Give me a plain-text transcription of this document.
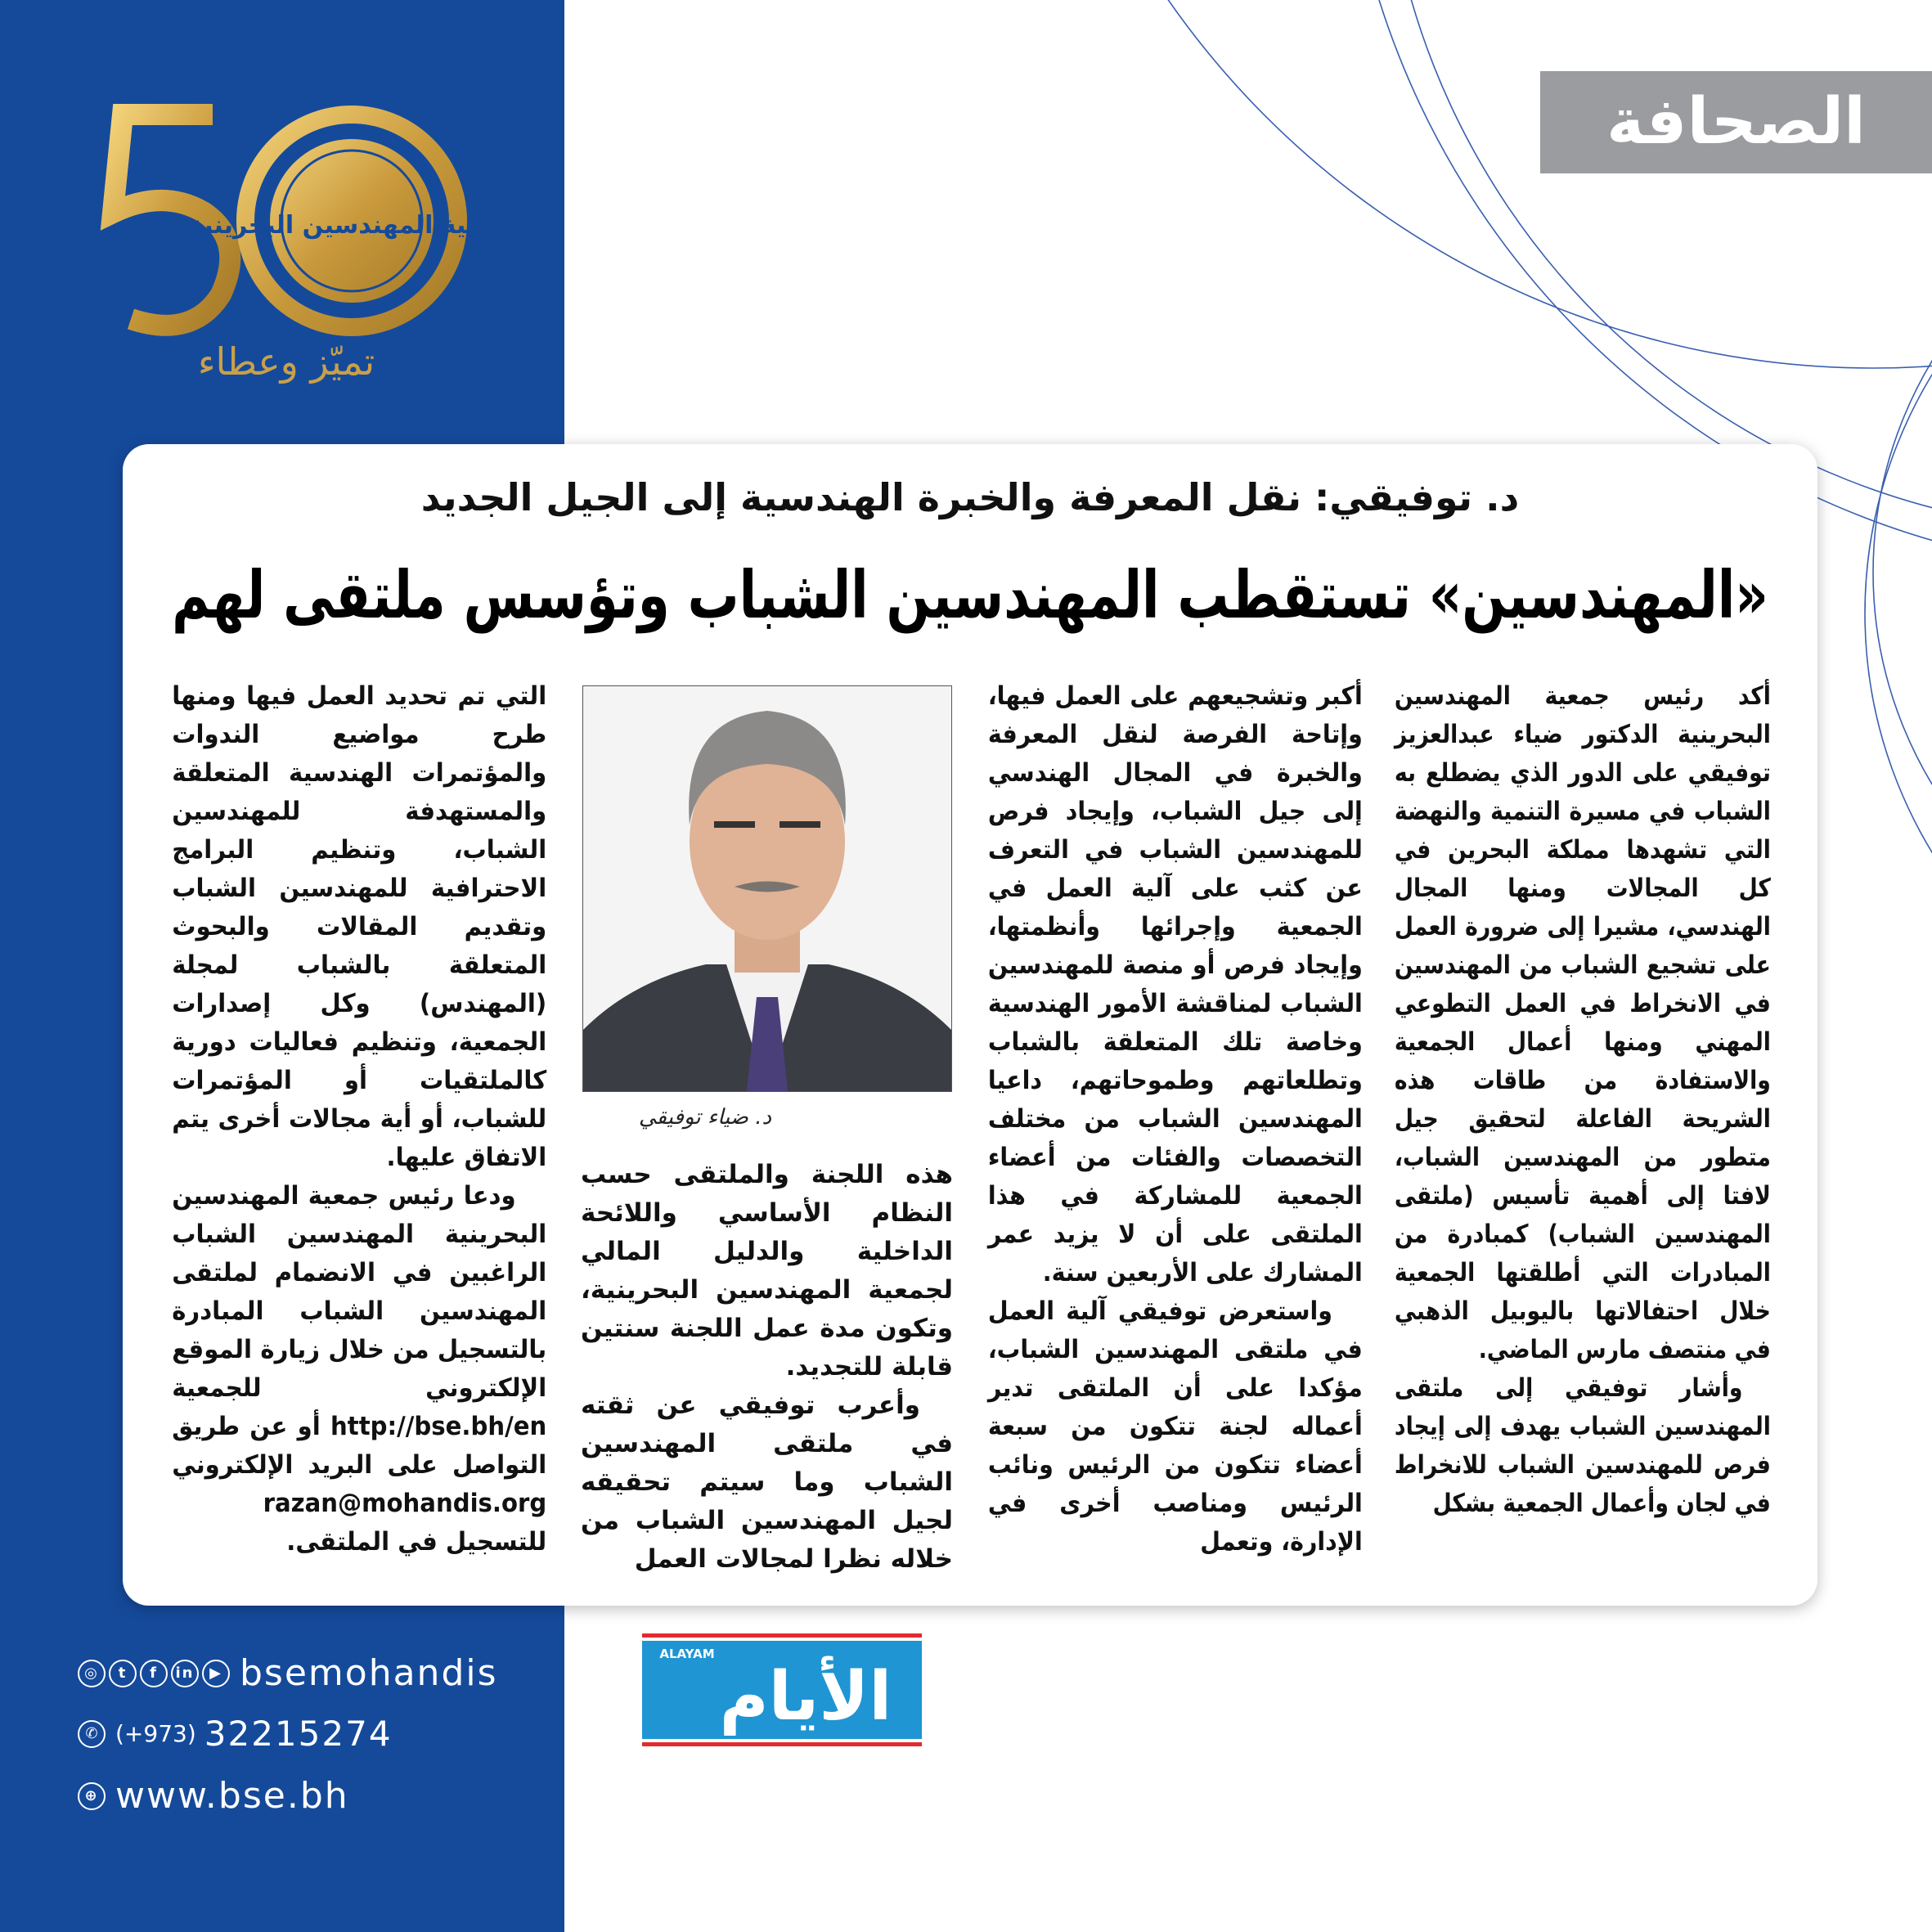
الصحافة
جمعية المهندسين البحرينية
تميّز وعطاء
د. توفيقي: نقل المعرفة والخبرة الهندسية إلى الجيل الجديد
«المهندسين» تستقطب المهندسين الشباب وتؤسس ملتقى لهم

أكد رئيس جمعية المهندسين البحرينية الدكتور ضياء عبدالعزيز توفيقي على الدور الذي يضطلع به الشباب في مسيرة التنمية والنهضة التي تشهدها مملكة البحرين في كل المجالات ومنها المجال الهندسي، مشيرا إلى ضرورة العمل على تشجيع الشباب من المهندسين في الانخراط في العمل التطوعي المهني ومنها أعمال الجمعية والاستفادة من طاقات هذه الشريحة الفاعلة لتحقيق جيل متطور من المهندسين الشباب، لافتا إلى أهمية تأسيس (ملتقى المهندسين الشباب) كمبادرة من المبادرات التي أطلقتها الجمعية خلال احتفالاتها باليوبيل الذهبي في منتصف مارس الماضي.

وأشار توفيقي إلى ملتقى المهندسين الشباب يهدف إلى إيجاد فرص للمهندسين الشباب للانخراط في لجان وأعمال الجمعية بشكل

أكبر وتشجيعهم على العمل فيها، وإتاحة الفرصة لنقل المعرفة والخبرة في المجال الهندسي إلى جيل الشباب، وإيجاد فرص للمهندسين الشباب في التعرف عن كثب على آلية العمل في الجمعية وإجرائها وأنظمتها، وإيجاد فرص أو منصة للمهندسين الشباب لمناقشة الأمور الهندسية وخاصة تلك المتعلقة بالشباب وتطلعاتهم وطموحاتهم، داعيا المهندسين الشباب من مختلف التخصصات والفئات من أعضاء الجمعية للمشاركة في هذا الملتقى على أن لا يزيد عمر المشارك على الأربعين سنة.

واستعرض توفيقي آلية العمل في ملتقى المهندسين الشباب، مؤكدا على أن الملتقى تدير أعماله لجنة تتكون من سبعة أعضاء تتكون من الرئيس ونائب الرئيس ومناصب أخرى في الإدارة، وتعمل

د. ضياء توفيقي

هذه اللجنة والملتقى حسب النظام الأساسي واللائحة الداخلية والدليل المالي لجمعية المهندسين البحرينية، وتكون مدة عمل اللجنة سنتين قابلة للتجديد.

وأعرب توفيقي عن ثقته في ملتقى المهندسين الشباب وما سيتم تحقيقه لجيل المهندسين الشباب من خلاله نظرا لمجالات العمل

التي تم تحديد العمل فيها ومنها طرح مواضيع الندوات والمؤتمرات الهندسية المتعلقة والمستهدفة للمهندسين الشباب، وتنظيم البرامج الاحترافية للمهندسين الشباب وتقديم المقالات والبحوث المتعلقة بالشباب لمجلة (المهندس) وكل إصدارات الجمعية، وتنظيم فعاليات دورية كالملتقيات أو المؤتمرات للشباب، أو أية مجالات أخرى يتم الاتفاق عليها.

ودعا رئيس جمعية المهندسين البحرينية المهندسين الشباب الراغبين في الانضمام لملتقى المهندسين الشباب المبادرة بالتسجيل من خلال زيارة الموقع الإلكتروني للجمعية http://bse.bh/en أو عن طريق التواصل على البريد الإلكتروني razan@mohandis.org للتسجيل في الملتقى.

◎	t	f	in	▶ bsemohandis
✆ (+973) 32215274
⊕ www.bse.bh
ALAYAM
الأيام
